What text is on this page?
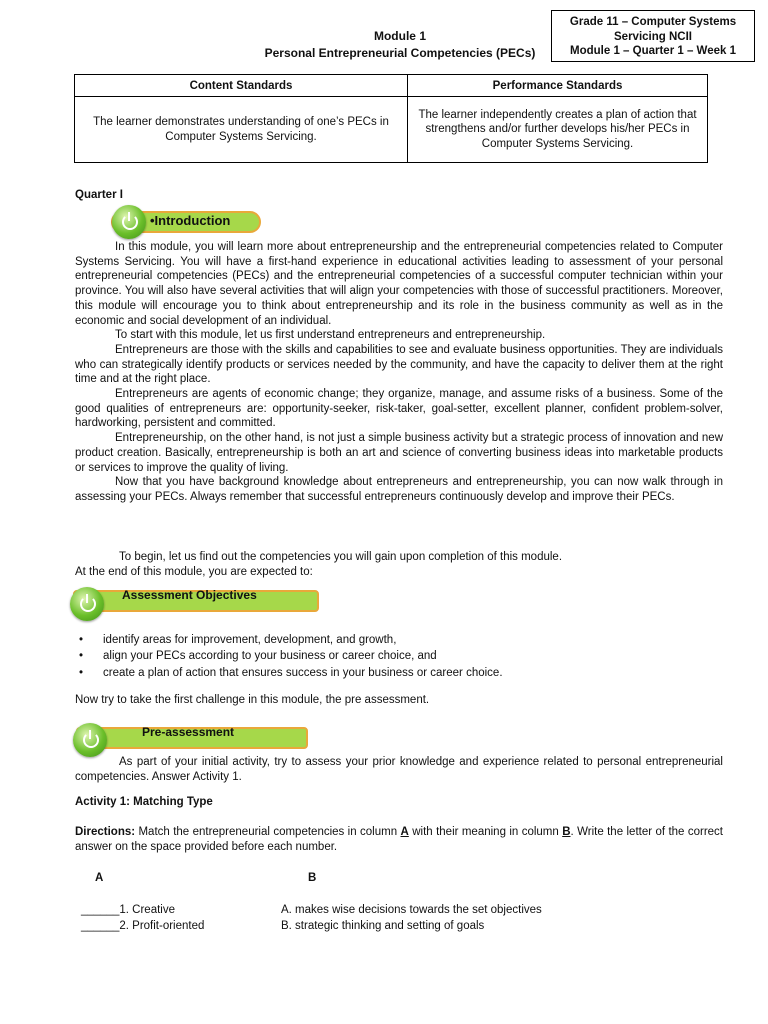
Module 1
Personal Entrepreneurial Competencies (PECs)
Grade 11 – Computer Systems
Servicing NCII
Module 1 – Quarter 1 – Week 1
Content Standards	Performance Standards
The learner demonstrates understanding of one’s PECs in Computer Systems Servicing.	The learner independently creates a plan of action that strengthens and/or further develops his/her PECs in Computer Systems Servicing.
Quarter I
•Introduction

In this module, you will learn more about entrepreneurship and the entrepreneurial competencies related to Computer Systems Servicing. You will have a first-hand experience in educational activities leading to assessment of your personal entrepreneurial competencies (PECs) and the entrepreneurial competencies of a successful computer technician within your province. You will also have several activities that will align your competencies with those of successful practitioners. Moreover, this module will encourage you to think about entrepreneurship and its role in the business community as well as in the economic and social development of an individual.

To start with this module, let us first understand entrepreneurs and entrepreneurship.

Entrepreneurs are those with the skills and capabilities to see and evaluate business opportunities. They are individuals who can strategically identify products or services needed by the community, and have the capacity to deliver them at the right time and at the right place.

Entrepreneurs are agents of economic change; they organize, manage, and assume risks of a business. Some of the good qualities of entrepreneurs are: opportunity-seeker, risk-taker, goal-setter, excellent planner, confident problem-solver, hardworking, persistent and committed.

Entrepreneurship, on the other hand, is not just a simple business activity but a strategic process of innovation and new product creation. Basically, entrepreneurship is both an art and science of converting business ideas into marketable products or services to improve the quality of living.

Now that you have background knowledge about entrepreneurs and entrepreneurship, you can now walk through in assessing your PECs. Always remember that successful entrepreneurs continuously develop and improve their PECs.

To begin, let us find out the competencies you will gain upon completion of this module.
At the end of this module, you are expected to:
Assessment Objectives
• identify areas for improvement, development, and growth,
• align your PECs according to your business or career choice, and
• create a plan of action that ensures success in your business or career choice.
Now try to take the first challenge in this module, the pre assessment.
Pre-assessment

As part of your initial activity, try to assess your prior knowledge and experience related to personal entrepreneurial competencies. Answer Activity 1.

Activity 1: Matching Type
Directions: Match the entrepreneurial competencies in column A with their meaning in column B. Write the letter of the correct answer on the space provided before each number.
A	B
______1. Creative	A. makes wise decisions towards the set objectives
______2. Profit-oriented	B. strategic thinking and setting of goals
